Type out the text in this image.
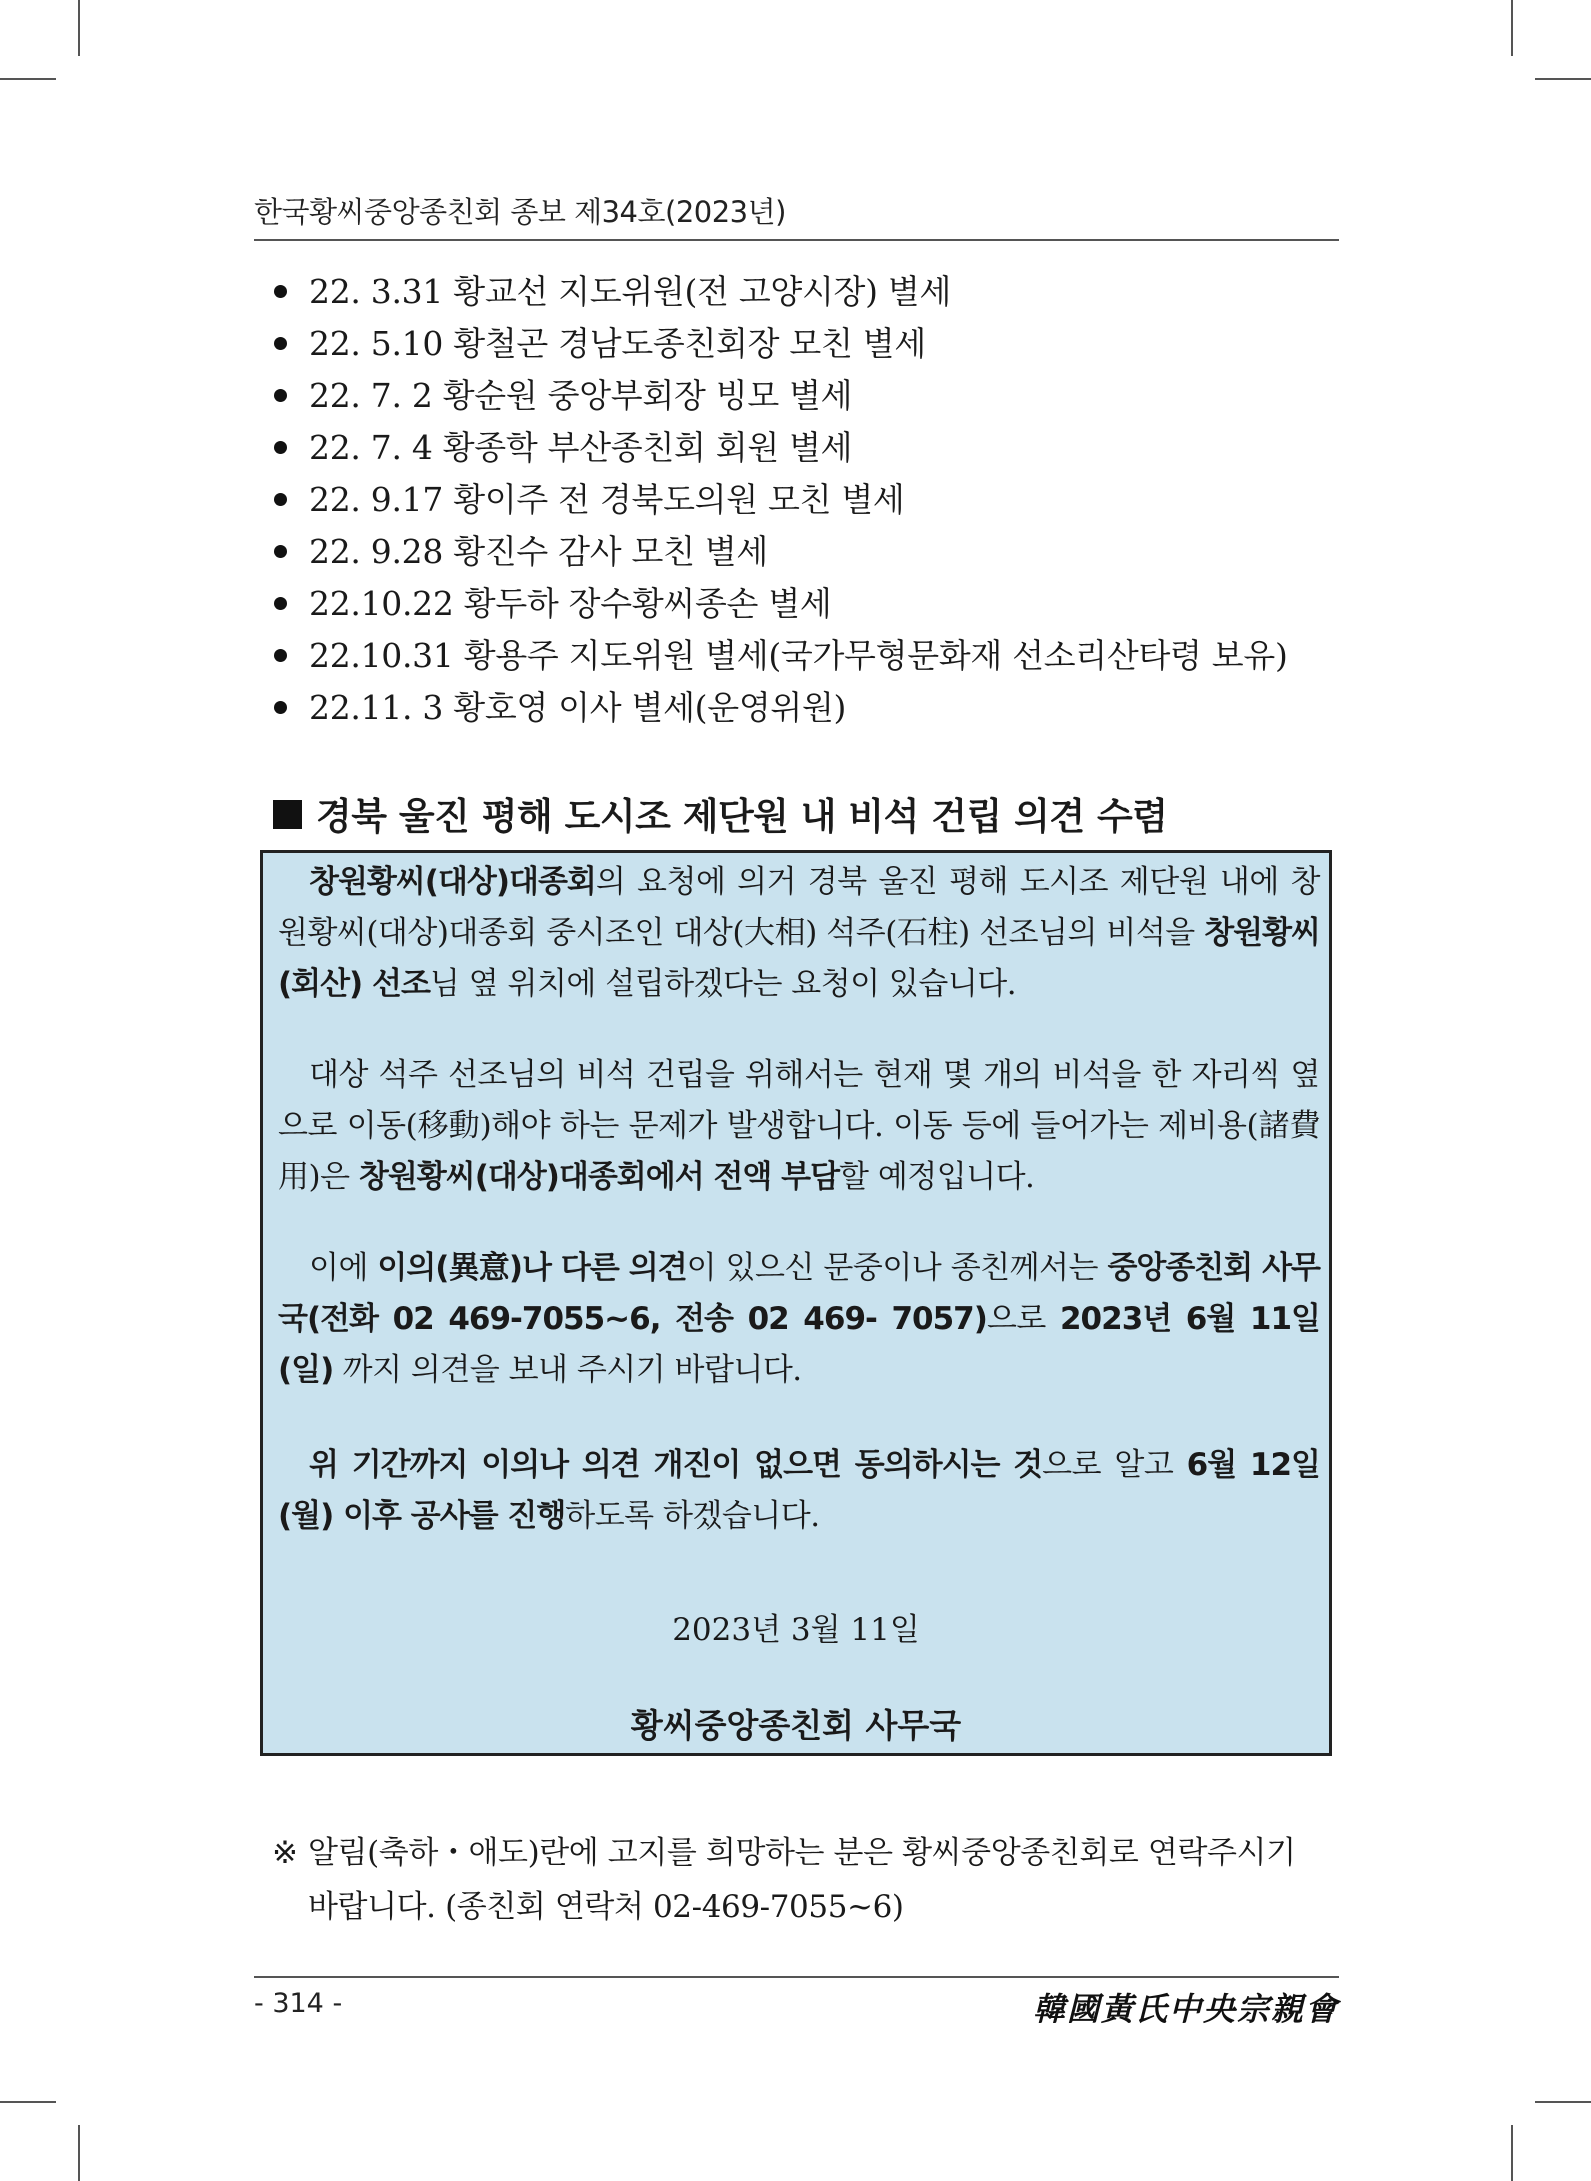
한국황씨중앙종친회 종보 제34호(2023년)
22. 3.31 황교선 지도위원(전 고양시장) 별세
22. 5.10 황철곤 경남도종친회장 모친 별세
22. 7. 2 황순원 중앙부회장 빙모 별세
22. 7. 4 황종학 부산종친회 회원 별세
22. 9.17 황이주 전 경북도의원 모친 별세
22. 9.28 황진수 감사 모친 별세
22.10.22 황두하 장수황씨종손 별세
22.10.31 황용주 지도위원 별세(국가무형문화재 선소리산타령 보유)
22.11. 3 황호영 이사 별세(운영위원)
경북 울진 평해 도시조 제단원 내 비석 건립 의견 수렴
창원황씨(대상)대종회의 요청에 의거 경북 울진 평해 도시조 제단원 내에 창원황씨(대상)대종회 중시조인 대상(大相) 석주(石柱) 선조님의 비석을 창원황씨(회산) 선조님 옆 위치에 설립하겠다는 요청이 있습니다.
대상 석주 선조님의 비석 건립을 위해서는 현재 몇 개의 비석을 한 자리씩 옆으로 이동(移動)해야 하는 문제가 발생합니다. 이동 등에 들어가는 제비용(諸費用)은 창원황씨(대상)대종회에서 전액 부담할 예정입니다.
이에 이의(異意)나 다른 의견이 있으신 문중이나 종친께서는 중앙종친회 사무국(전화 02 469-7055~6, 전송 02 469- 7057)으로 2023년 6월 11일(일) 까지 의견을 보내 주시기 바랍니다.
위 기간까지 이의나 의견 개진이 없으면 동의하시는 것으로 알고 6월 12일(월) 이후 공사를 진행하도록 하겠습니다.
2023년 3월 11일
황씨중앙종친회 사무국
※ 알림(축하・애도)란에 고지를 희망하는 분은 황씨중앙종친회로 연락주시기
바랍니다. (종친회 연락처 02-469-7055~6)
- 314 -	韓國黃氏中央宗親會
